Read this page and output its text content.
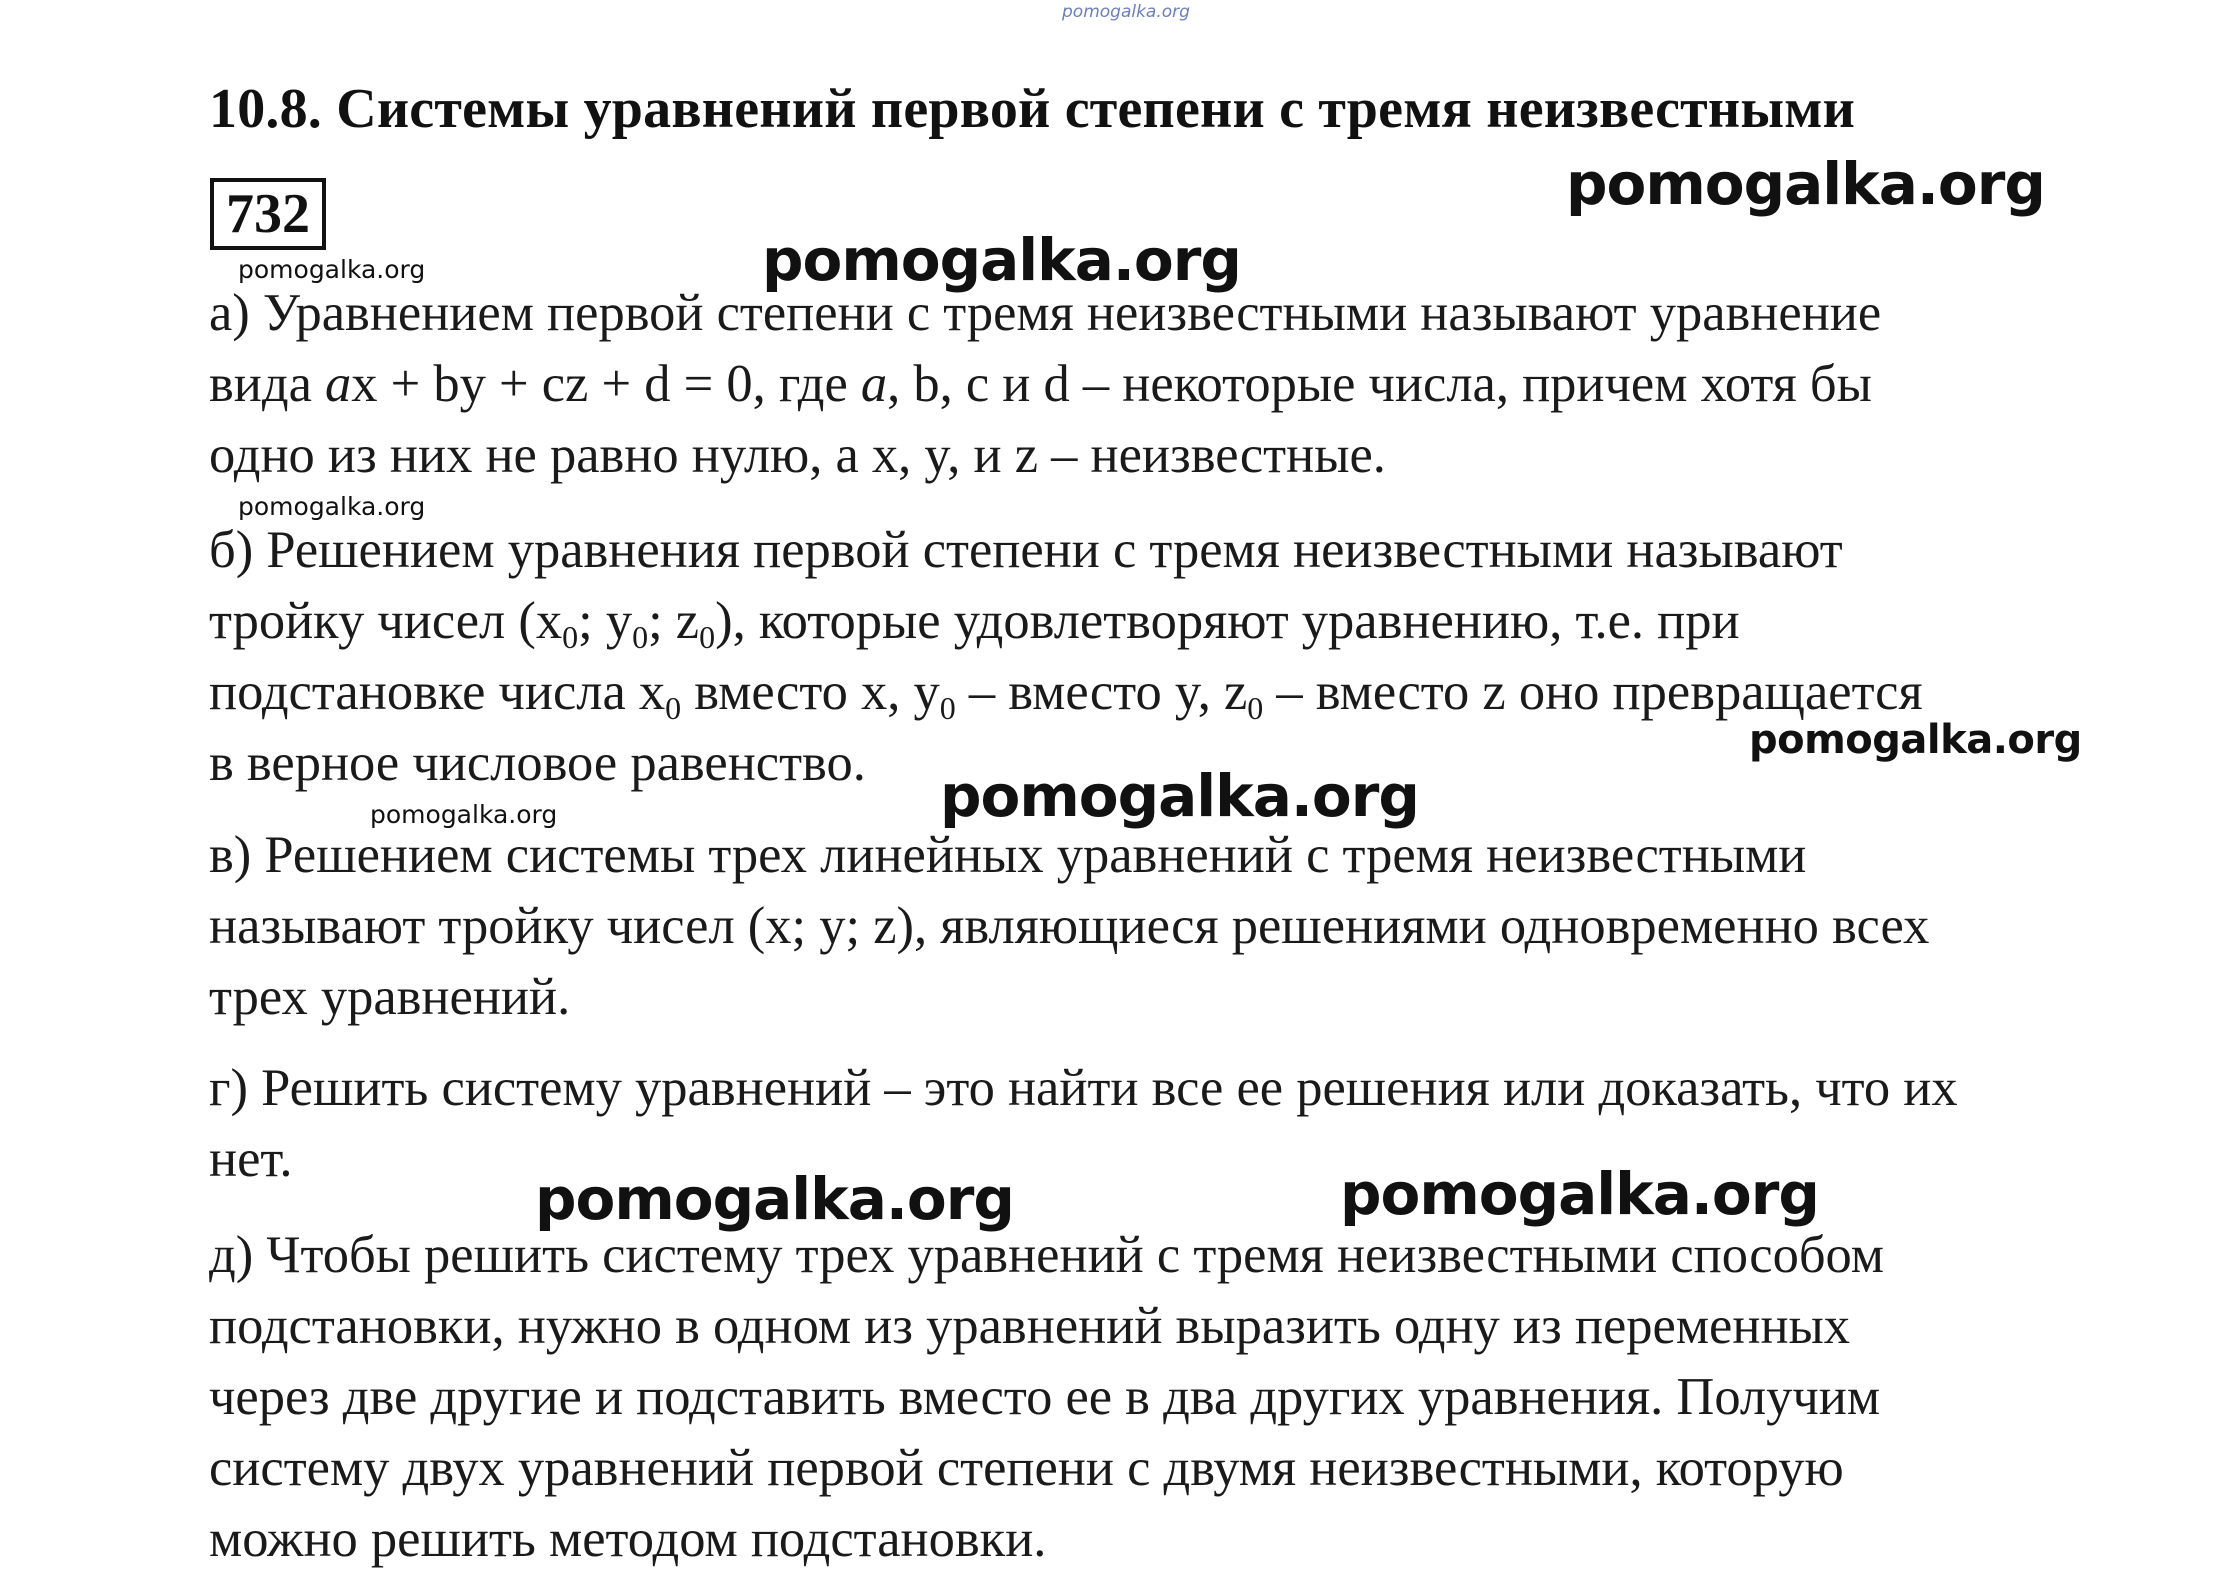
pomogalka.org
10.8. Системы уравнений первой степени с тремя неизвестными
732	pomogalka.org
pomogalka.org
pomogalka.org

а) Уравнением первой степени с тремя неизвестными называют уравнение
вида ax + by + cz + d = 0, где a, b, с и d – некоторые числа, причем хотя бы
одно из них не равно нулю, а x, y, и z – неизвестные.

pomogalka.org

б) Решением уравнения первой степени с тремя неизвестными называют
тройку чисел ($x_0$; $y_0$; $z_0$), которые удовлетворяют уравнению, т.е. при
подстановке числа $x_0$ вместо x, $y_0$ – вместо y, $z_0$ – вместо z оно превращается
в верное числовое равенство.	pomogalka.org
pomogalka.org
pomogalka.org

в) Решением системы трех линейных уравнений с тремя неизвестными
называют тройку чисел (x; y; z), являющиеся решениями одновременно всех
трех уравнений.

г) Решить систему уравнений – это найти все ее решения или доказать, что их
нет.

pomogalka.org	pomogalka.org

д) Чтобы решить систему трех уравнений с тремя неизвестными способом
подстановки, нужно в одном из уравнений выразить одну из переменных
через две другие и подставить вместо ее в два других уравнения. Получим
систему двух уравнений первой степени с двумя неизвестными, которую
можно решить методом подстановки.
